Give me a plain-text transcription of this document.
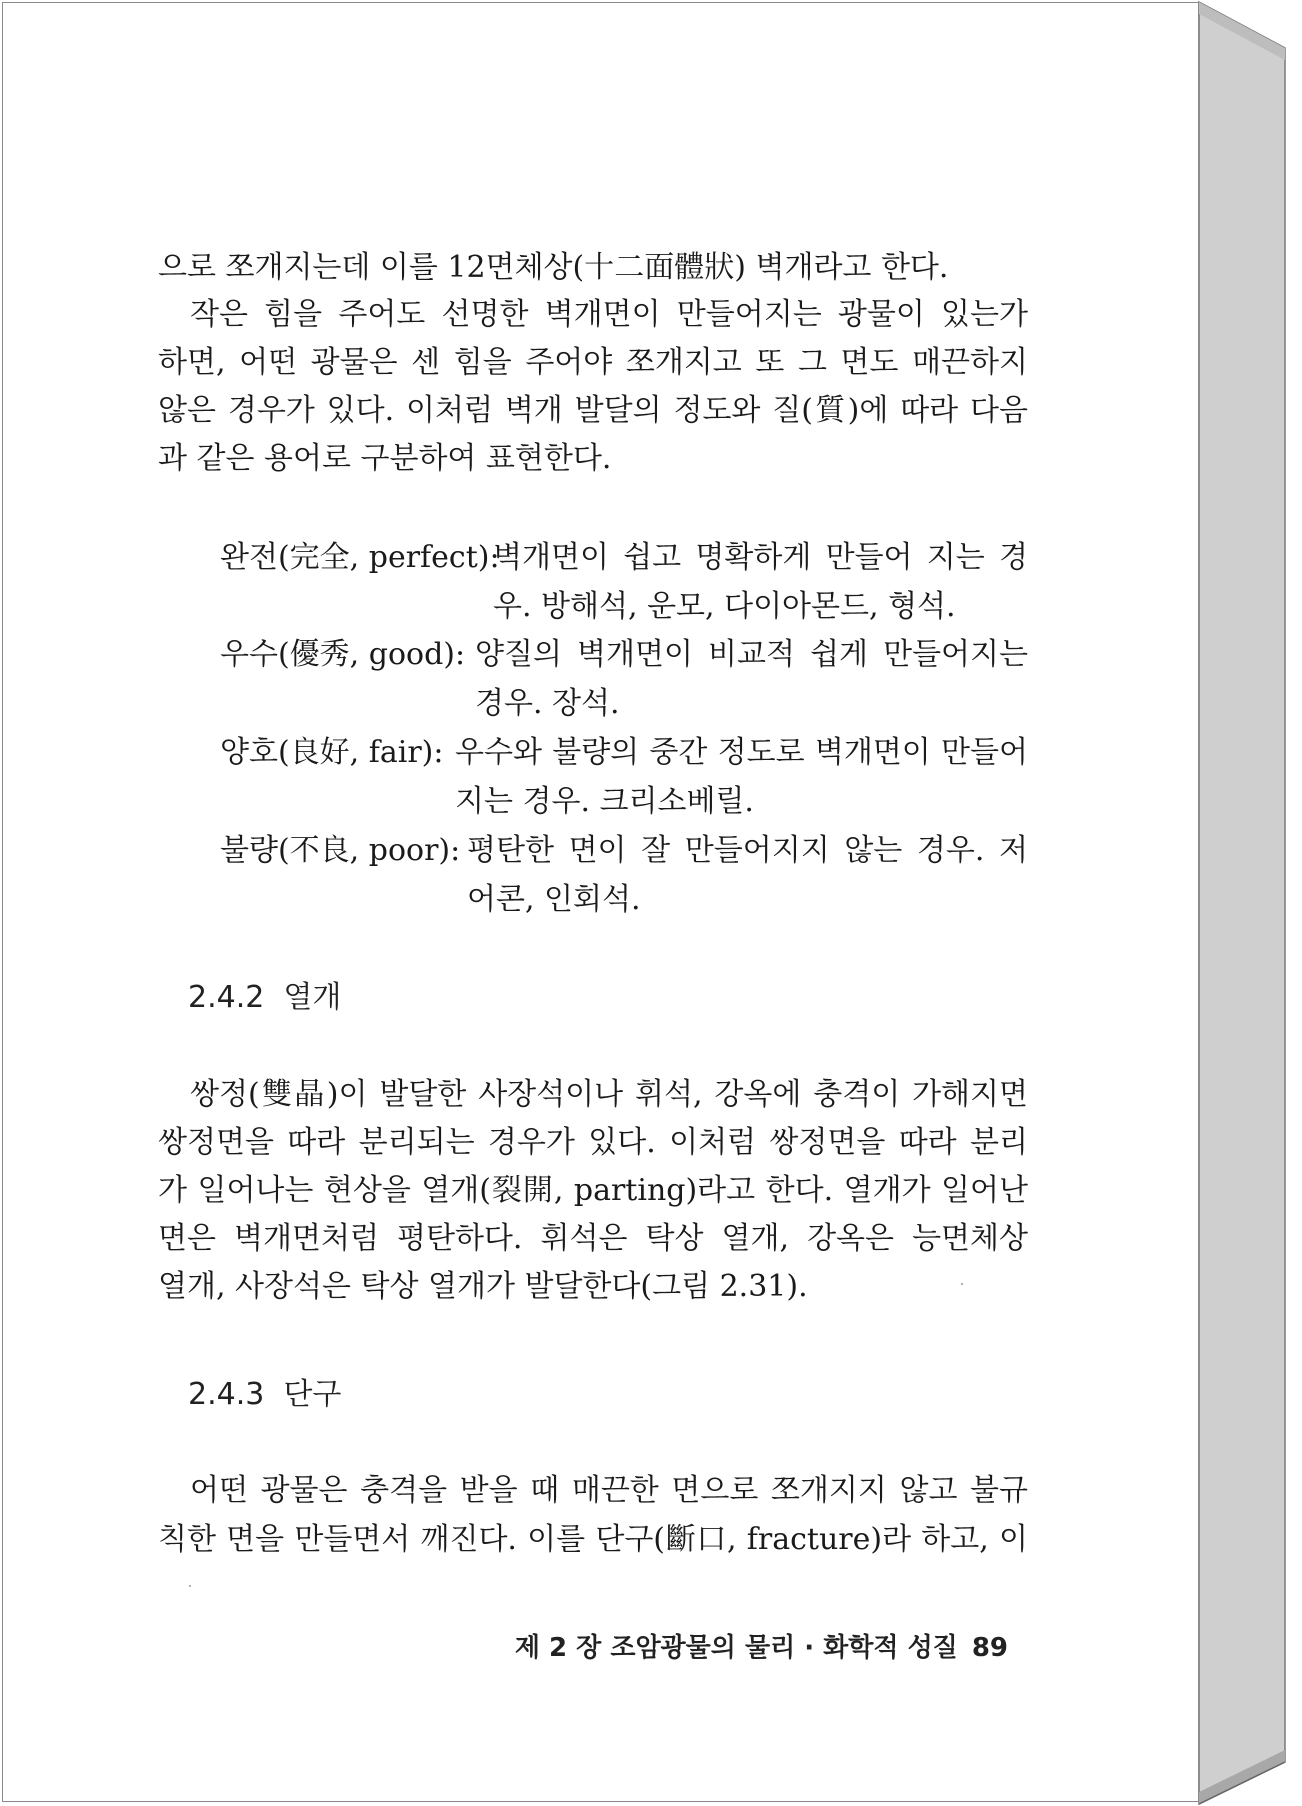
으로 쪼개지는데 이를 12면체상(十二面體狀) 벽개라고 한다.
작은 힘을 주어도 선명한 벽개면이 만들어지는 광물이 있는가
하면, 어떤 광물은 센 힘을 주어야 쪼개지고 또 그 면도 매끈하지
않은 경우가 있다. 이처럼 벽개 발달의 정도와 질(質)에 따라 다음
과 같은 용어로 구분하여 표현한다.
완전(完全, perfect):
벽개면이 쉽고 명확하게 만들어 지는 경
우. 방해석, 운모, 다이아몬드, 형석.
우수(優秀, good): 양질의 벽개면이 비교적 쉽게 만들어지는
경우. 장석.
양호(良好, fair): 우수와 불량의 중간 정도로 벽개면이 만들어
지는 경우. 크리소베릴.
불량(不良, poor): 평탄한 면이 잘 만들어지지 않는 경우. 저
어콘, 인회석.
2.4.2 열개
쌍정(雙晶)이 발달한 사장석이나 휘석, 강옥에 충격이 가해지면
쌍정면을 따라 분리되는 경우가 있다. 이처럼 쌍정면을 따라 분리
가 일어나는 현상을 열개(裂開, parting)라고 한다. 열개가 일어난
면은 벽개면처럼 평탄하다. 휘석은 탁상 열개, 강옥은 능면체상
열개, 사장석은 탁상 열개가 발달한다(그림 2.31).
2.4.3 단구
어떤 광물은 충격을 받을 때 매끈한 면으로 쪼개지지 않고 불규
칙한 면을 만들면서 깨진다. 이를 단구(斷口, fracture)라 하고, 이
제 2 장 조암광물의 물리 · 화학적 성질 89
